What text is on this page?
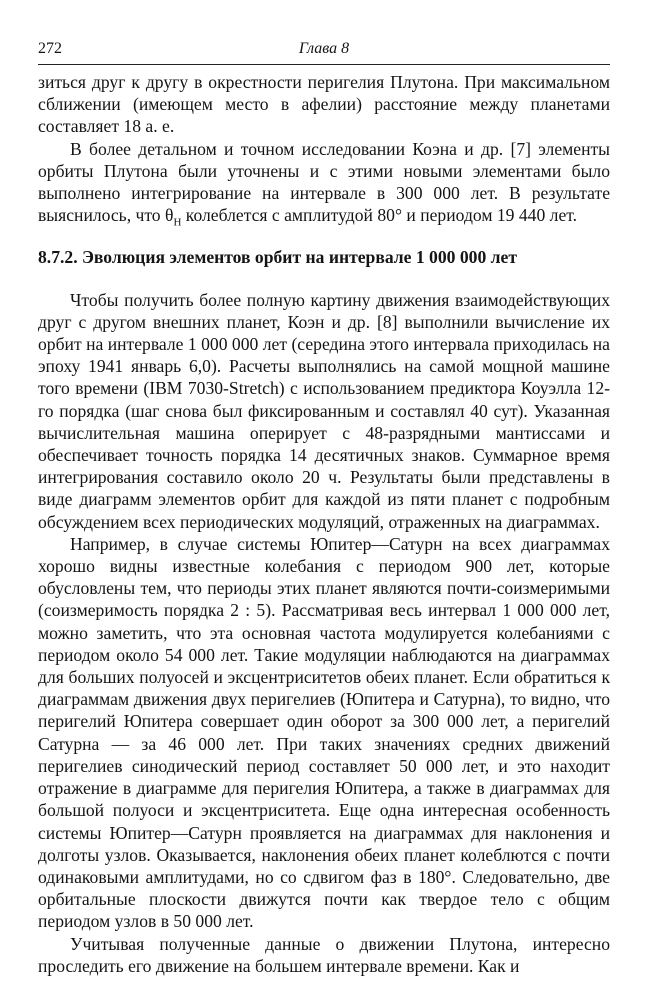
272	Глава 8

зиться друг к другу в окрестности перигелия Плутона. При максимальном сближении (имеющем место в афелии) расстояние между планетами составляет 18 а. е.

В более детальном и точном исследовании Коэна и др. [7] элементы орбиты Плутона были уточнены и с этими новыми элементами было выполнено интегрирование на интервале в 300 000 лет. В результате выяснилось, что $\theta_H$ колеблется с амплитудой 80° и периодом 19 440 лет.

8.7.2. Эволюция элементов орбит на интервале 1 000 000 лет

Чтобы получить более полную картину движения взаимодействующих друг с другом внешних планет, Коэн и др. [8] выполнили вычисление их орбит на интервале 1 000 000 лет (середина этого интервала приходилась на эпоху 1941 январь 6,0). Расчеты выполнялись на самой мощной машине того времени (IBM 7030-Stretch) с использованием предиктора Коуэлла 12-го порядка (шаг снова был фиксированным и составлял 40 сут). Указанная вычислительная машина оперирует с 48-разрядными мантиссами и обеспечивает точность порядка 14 десятичных знаков. Суммарное время интегрирования составило около 20 ч. Результаты были представлены в виде диаграмм элементов орбит для каждой из пяти планет с подробным обсуждением всех периодических модуляций, отраженных на диаграммах.

Например, в случае системы Юпитер—Сатурн на всех диаграммах хорошо видны известные колебания с периодом 900 лет, которые обусловлены тем, что периоды этих планет являются почти-соизмеримыми (соизмеримость порядка 2 : 5). Рассматривая весь интервал 1 000 000 лет, можно заметить, что эта основная частота модулируется колебаниями с периодом около 54 000 лет. Такие модуляции наблюдаются на диаграммах для больших полуосей и эксцентриситетов обеих планет. Если обратиться к диаграммам движения двух перигелиев (Юпитера и Сатурна), то видно, что перигелий Юпитера совершает один оборот за 300 000 лет, а перигелий Сатурна — за 46 000 лет. При таких значениях средних движений перигелиев синодический период составляет 50 000 лет, и это находит отражение в диаграмме для перигелия Юпитера, а также в диаграммах для большой полуоси и эксцентриситета. Еще одна интересная особенность системы Юпитер—Сатурн проявляется на диаграммах для наклонения и долготы узлов. Оказывается, наклонения обеих планет колеблются с почти одинаковыми амплитудами, но со сдвигом фаз в 180°. Следовательно, две орбитальные плоскости движутся почти как твердое тело с общим периодом узлов в 50 000 лет.

Учитывая полученные данные о движении Плутона, интересно проследить его движение на большем интервале времени. Как и
